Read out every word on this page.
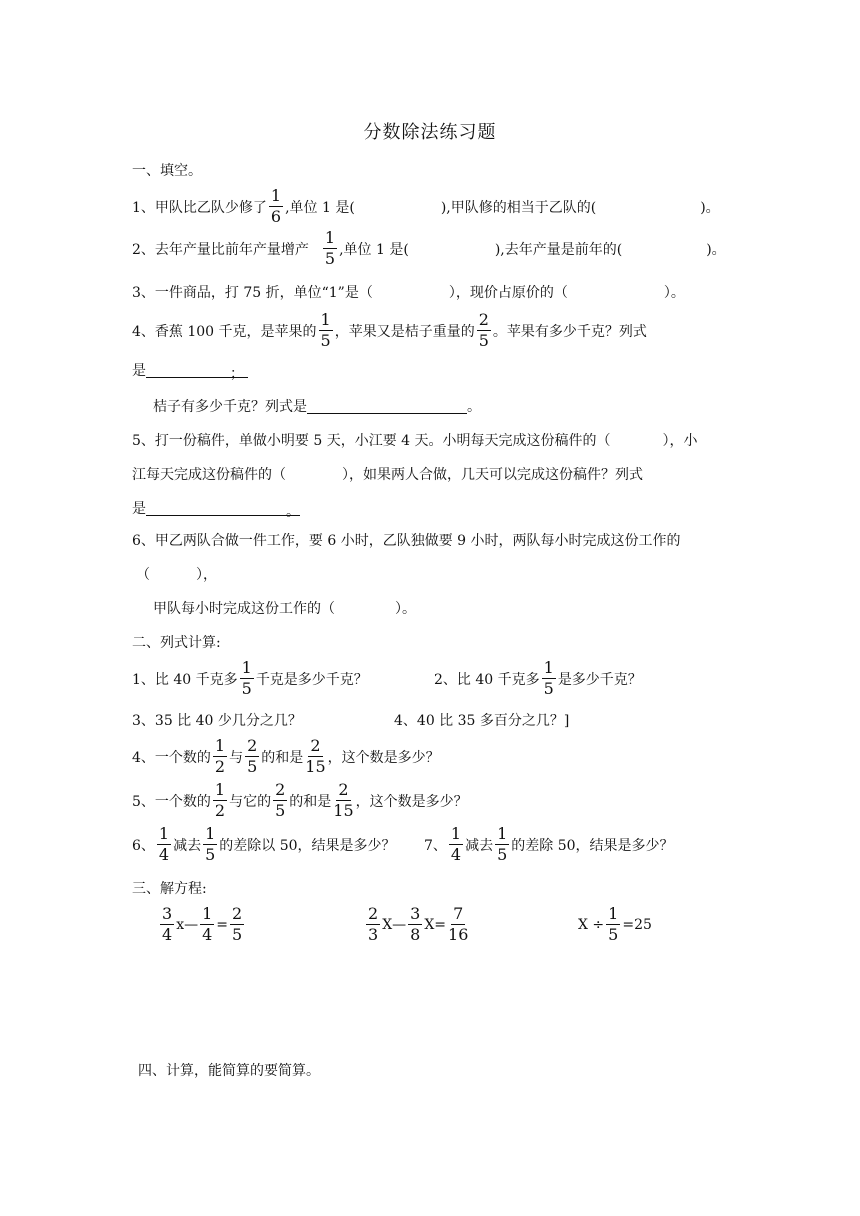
分数除法练习题
一、填空。
1、甲队比乙队少修了
1
6 ,单位 1 是(	),甲队修的相当于乙队的(	)。
2、去年产量比前年产量增产
1
5 ,单位 1 是(	),去年产量是前年的(	)。
3、一件商品，打 75 折，单位“1”是（	），现价占原价的（	）。
4、香蕉 100 千克，是苹果的
1
5 ，苹果又是桔子重量的
2
5 。苹果有多少千克？列式
是	；
桔子有多少千克？列式是	。
5、打一份稿件，单做小明要 5 天，小江要 4 天。小明每天完成这份稿件的（	），小
江每天完成这份稿件的（	），如果两人合做，几天可以完成这份稿件？列式
是	。
6、甲乙两队合做一件工作，要 6 小时，乙队独做要 9 小时，两队每小时完成这份工作的
（	），
甲队每小时完成这份工作的（	）。
二、列式计算:
1、比 40 千克多
1
5 千克是多少千克？	2、比 40 千克多
1
5 是多少千克？
3、35 比 40 少几分之几？	4、40 比 35 多百分之几？]
4、一个数的
1
2 与
2
5 的和是
2
15 ，这个数是多少？
5、一个数的
1
2 与它的
2
5 的和是
2
15 ，这个数是多少？
6、
1
4 减去
1
5 的差除以 50，结果是多少？ 7、
1
4 减去
1
5 的差除 50，结果是多少？
三、解方程:
3
4
x— $\frac{1}{4} = \frac{2}{5}$	2
3
X—
3
8
$X= \frac{7}{16}$	$X \div \frac{1}{5} =25$
四、计算，能简算的要简算。
